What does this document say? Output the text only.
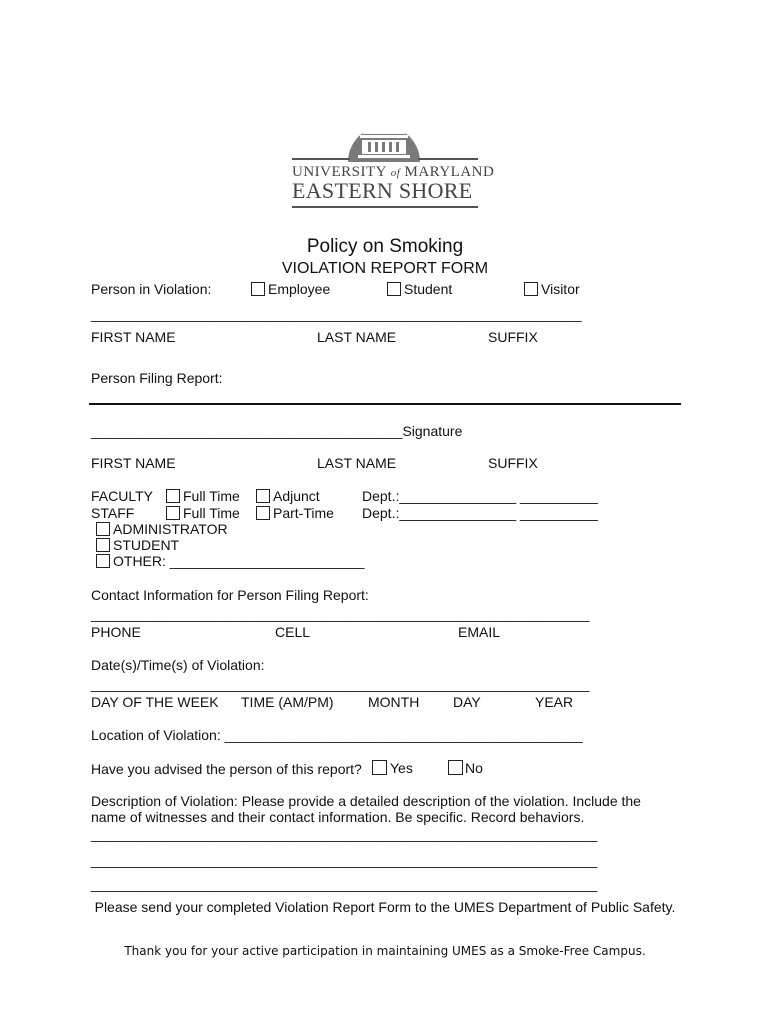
UNIVERSITY of MARYLAND
EASTERN SHORE
Policy on Smoking
VIOLATION REPORT FORM
Person in Violation:	Employee	Student	Visitor
_______________________________________________________________
FIRST NAME	LAST NAME	SUFFIX
Person Filing Report:
________________________________________Signature
FIRST NAME	LAST NAME	SUFFIX
FACULTY	Full Time	Adjunct	Dept.:_______________ __________
STAFF	Full Time	Part-Time Dept.:_______________ __________
ADMINISTRATOR
STUDENT
OTHER: _________________________
Contact Information for Person Filing Report:
________________________________________________________________
PHONE	CELL	EMAIL
Date(s)/Time(s) of Violation:
________________________________________________________________
DAY OF THE WEEK TIME (AM/PM) MONTH DAY	YEAR
Location of Violation: ______________________________________________
Have you advised the person of this report?	Yes	No
Description of Violation: Please provide a detailed description of the violation. Include the
name of witnesses and their contact information. Be specific. Record behaviors.
_________________________________________________________________
_________________________________________________________________
_________________________________________________________________
Please send your completed Violation Report Form to the UMES Department of Public Safety.
Thank you for your active participation in maintaining UMES as a Smoke-Free Campus.
